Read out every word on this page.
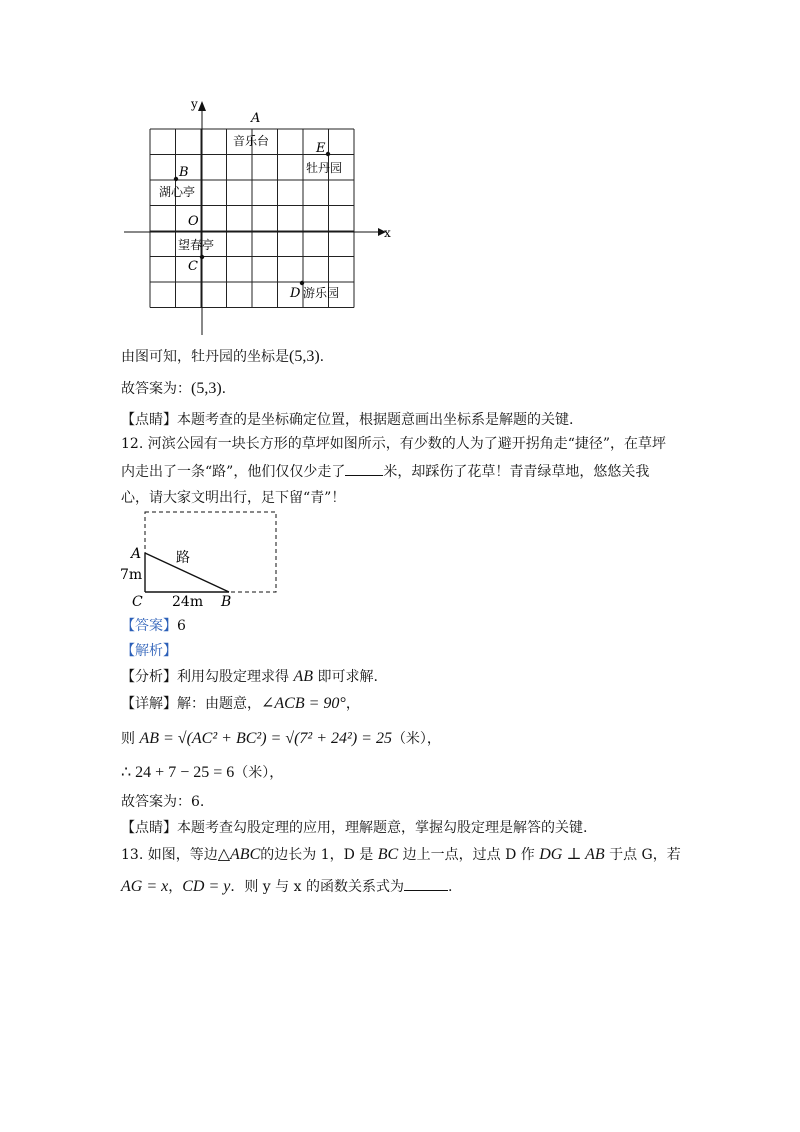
x
y
O
A
音乐台
B
湖心亭
C
望春亭
D 游乐园
E
牡丹园
由图可知，牡丹园的坐标是(5,3).
故答案为：(5,3).
【点睛】本题考查的是坐标确定位置，根据题意画出坐标系是解题的关键.
12. 河滨公园有一块长方形的草坪如图所示，有少数的人为了避开拐角走“捷径”，在草坪
内走出了一条“路”，他们仅仅少走了	米，却踩伤了花草！青青绿草地，悠悠关我
心，请大家文明出行，足下留“青”！
A
C	B
7m
24m
路
【答案】6
【解析】
【分析】利用勾股定理求得 AB 即可求解.
【详解】解：由题意，∠ACB = 90°，
则 AB = √(AC² + BC²) = √(7² + 24²) = 25（米），
∴ 24 + 7 − 25 = 6（米），
故答案为：6.
【点睛】本题考查勾股定理的应用，理解题意，掌握勾股定理是解答的关键.
13. 如图，等边△ABC的边长为 1，D 是 BC 边上一点，过点 D 作 DG ⊥ AB 于点 G，若
AG = x，CD = y．则 y 与 x 的函数关系式为	.
